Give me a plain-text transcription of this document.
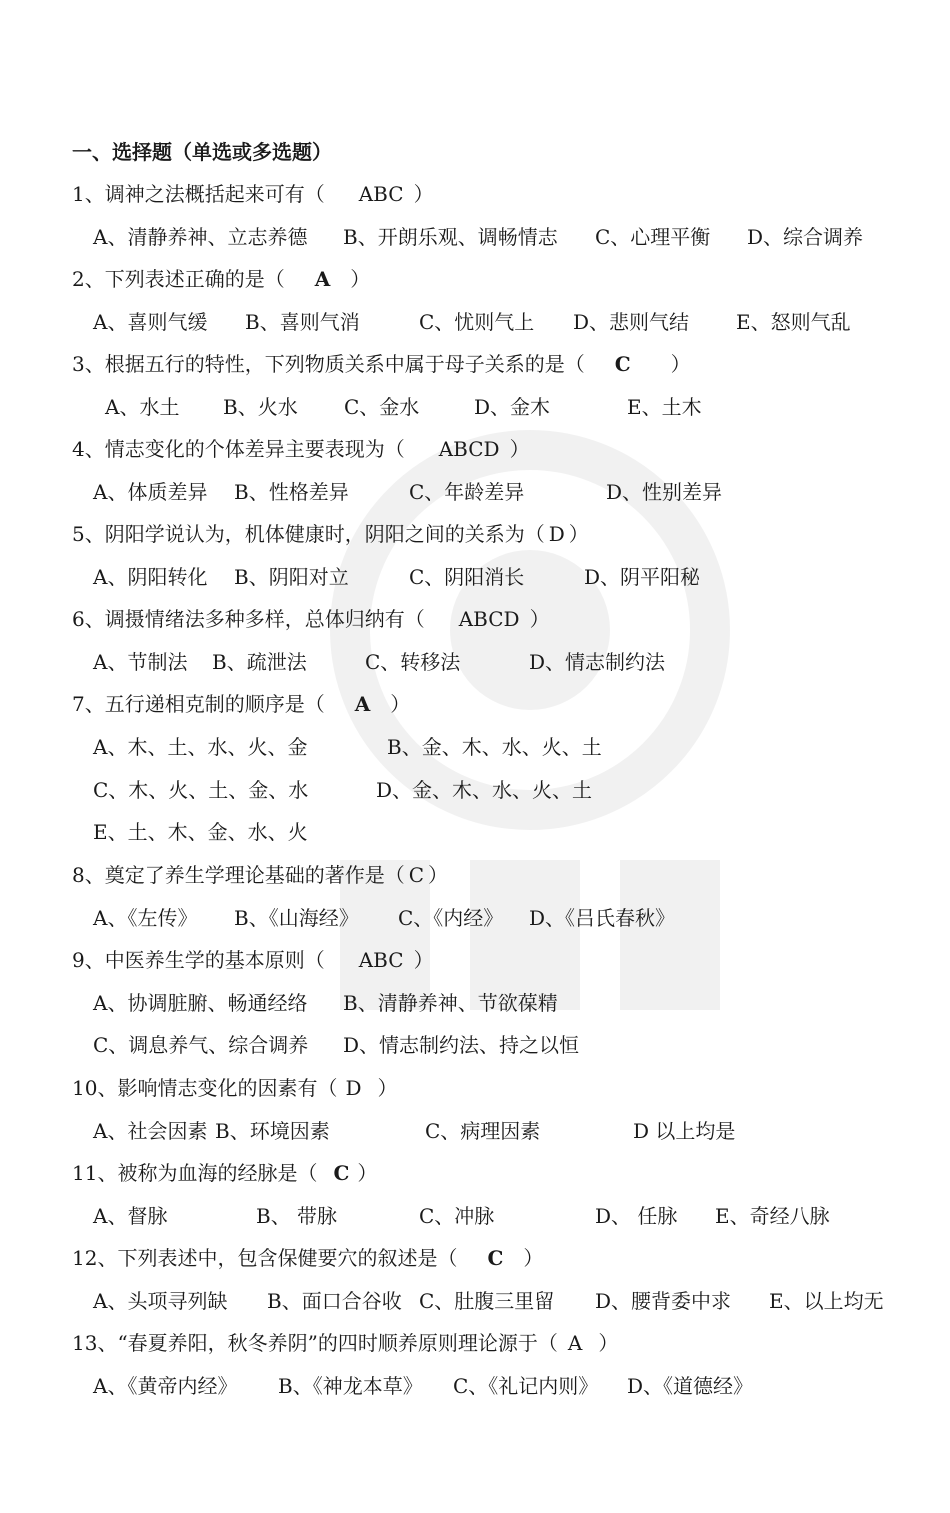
一、选择题（单选或多选题）
1、调神之法概括起来可有（ ABC ）
A、清静养神、立志养德 B、开朗乐观、调畅情志 C、心理平衡 D、综合调养
2、下列表述正确的是（ A ）
A、喜则气缓 B、喜则气消	C、忧则气上 D、悲则气结 E、怒则气乱
3、根据五行的特性，下列物质关系中属于母子关系的是（ C ）
A、水土 B、火水 C、金水	D、金木	E、土木
4、情志变化的个体差异主要表现为（ ABCD ）
A、体质差异 B、性格差异	C、年龄差异	D、性别差异
5、阴阳学说认为，机体健康时，阴阳之间的关系为（ D ）
A、阴阳转化 B、阴阳对立	C、阴阳消长	D、阴平阳秘
6、调摄情绪法多种多样，总体归纳有（ ABCD ）
A、节制法 B、疏泄法	C、转移法	D、情志制约法
7、五行递相克制的顺序是（ A ）
A、木、土、水、火、金	B、金、木、水、火、土
C、木、火、土、金、水	D、金、木、水、火、土
E、土、木、金、水、火
8、奠定了养生学理论基础的著作是（ C ）
A、《左传》 B、《山海经》 C、《内经》 D、《吕氏春秋》
9、中医养生学的基本原则（ ABC ）
A、协调脏腑、畅通经络 B、清静养神、节欲葆精
C、调息养气、综合调养 D、情志制约法、持之以恒
10、影响情志变化的因素有（ D ）
A、社会因素 B、环境因素	C、病理因素	D 以上均是
11、被称为血海的经脉是（ C ）
A、督脉	B、 带脉	C、冲脉	D、 任脉 E、奇经八脉
12、下列表述中，包含保健要穴的叙述是（ C ）
A、头项寻列缺 B、面口合谷收 C、肚腹三里留 D、腰背委中求 E、以上均无
13、“春夏养阳，秋冬养阴”的四时顺养原则理论源于（ A ）
A、《黄帝内经》 B、《神龙本草》 C、《礼记内则》 D、《道德经》
